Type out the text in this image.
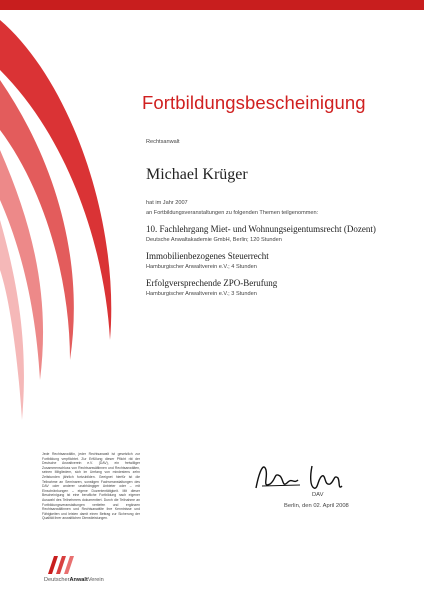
Fortbildungsbescheinigung
Rechtsanwalt
Michael Krüger
hat im Jahr 2007
an Fortbildungsveranstaltungen zu folgenden Themen teilgenommen:
10. Fachlehrgang Miet- und Wohnungseigentumsrecht (Dozent)
Deutsche Anwaltakademie GmbH, Berlin; 120 Stunden
Immobilienbezogenes Steuerrecht
Hamburgischer Anwaltverein e.V.; 4 Stunden
Erfolgversprechende ZPO-Berufung
Hamburgischer Anwaltverein e.V.; 3 Stunden
Jede Rechtsanwältin, jeder Rechtsanwalt ist gesetzlich zur Fortbildung verpflichtet. Zur Erfüllung dieser Pflicht rät der Deutsche Anwaltverein e.V. (DAV), ein freiwilliger Zusammenschluss von Rechtsanwältinnen und Rechtsanwälten, seinen Mitgliedern, sich im Umfang von mindestens zehn Zeitstunden jährlich fortzubilden. Geeignet hierfür ist die Teilnahme an Seminaren, sonstigen Fachveranstaltungen des DAV oder anderer unabhängiger Anbieter oder – mit Einschränkungen – eigene Dozententätigkeit. Mit dieser Bescheinigung ist eine berufliche Fortbildung nach eigener Auswahl des Teilnehmers dokumentiert. Durch die Teilnahme an Fortbildungsveranstaltungen vertiefen und ergänzen Rechtsanwältinnen und Rechtsanwälte ihre Kenntnisse und Fähigkeiten und leisten damit einen Beitrag zur Sicherung der Qualität ihrer anwaltlichen Dienstleistungen.
DeutscherAnwaltVerein
DAV
Berlin, den 02. April 2008
